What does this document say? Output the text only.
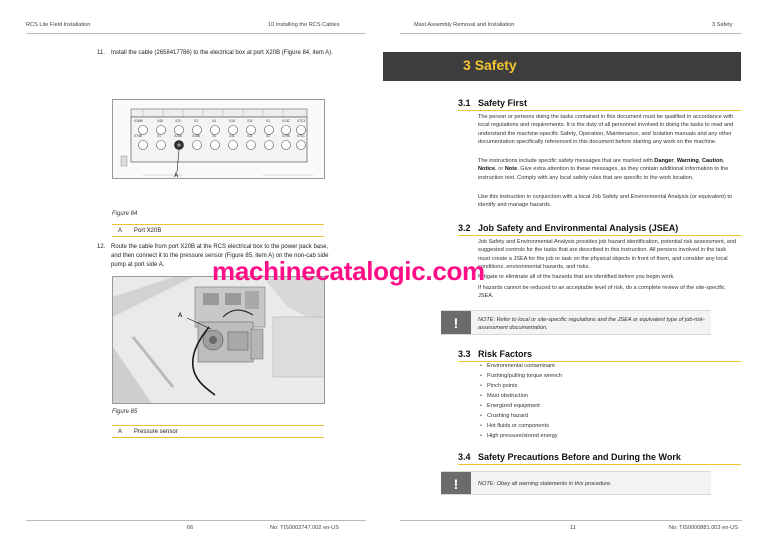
RCS Lite Field Installation	10 Installing the RCS Cables	Mast Assembly Removal and Installation	3 Safety
11. Install the cable (2658417786) to the electrical box at port X20B (Figure 84, item A).
X1MN	X45	X20	X3	X4	X15	X11	X1	X13C X7C3
X74B	X1	X20B	X10B	X4	X31	X21	X2	X70B X71C
A
Figure 84
A Port X20B
12. Route the cable from port X20B at the RCS electrical box to the power pack base, and then connect it to the pressure sensor (Figure 85, item A) on the non-cab side pump at port side A.
A
Figure 85
A Pressure sensor
3 Safety
3.1 Safety First
The person or persons doing the tasks contained in this document must be qualified in accordance with local regulations and requirements. It is the duty of all personnel involved in doing the tasks to read and understand the machine-specific Safety, Operation, Maintenance, and Isolation manuals and any other documentation specifically referenced in this document before starting any work on the machine.
The instructions include specific safety messages that are marked with Danger, Warning, Caution, Notice, or Note. Give extra attention to these messages, as they contain additional information to the instruction text. Comply with any local safety rules that are specific to the work location.
Use this instruction in conjunction with a local Job Safety and Environmental Analysis (or equivalent) to identify and manage hazards.
3.2 Job Safety and Environmental Analysis (JSEA)
Job Safety and Environmental Analysis provides job hazard identification, potential risk assessment, and suggested controls for the tasks that are described in this instruction. All persons involved in the task must create a JSEA for the job or task on the physical objects in front of them, and consider any local conditions, environmental hazards, and risks.
Mitigate or eliminate all of the hazards that are identified before you begin work.
If hazards cannot be reduced to an acceptable level of risk, do a complete review of the site-specific JSEA.
!	NOTE: Refer to local or site-specific regulations and the JSEA or equivalent type of job-risk-assessment documentation.
3.3 Risk Factors
• Environmental contaminant
• Pushing/pulling torque wrench
• Pinch points
• Mast obstruction
• Energized equipment
• Crushing hazard
• Hot fluids or components
• High pressure/stored energy
3.4 Safety Precautions Before and During the Work
!	NOTE: Obey all warning statements in this procedure.
66	No: TIS0002747.002 en-US	11	No: TIS0000881.003 en-US
machinecatalogic.com
